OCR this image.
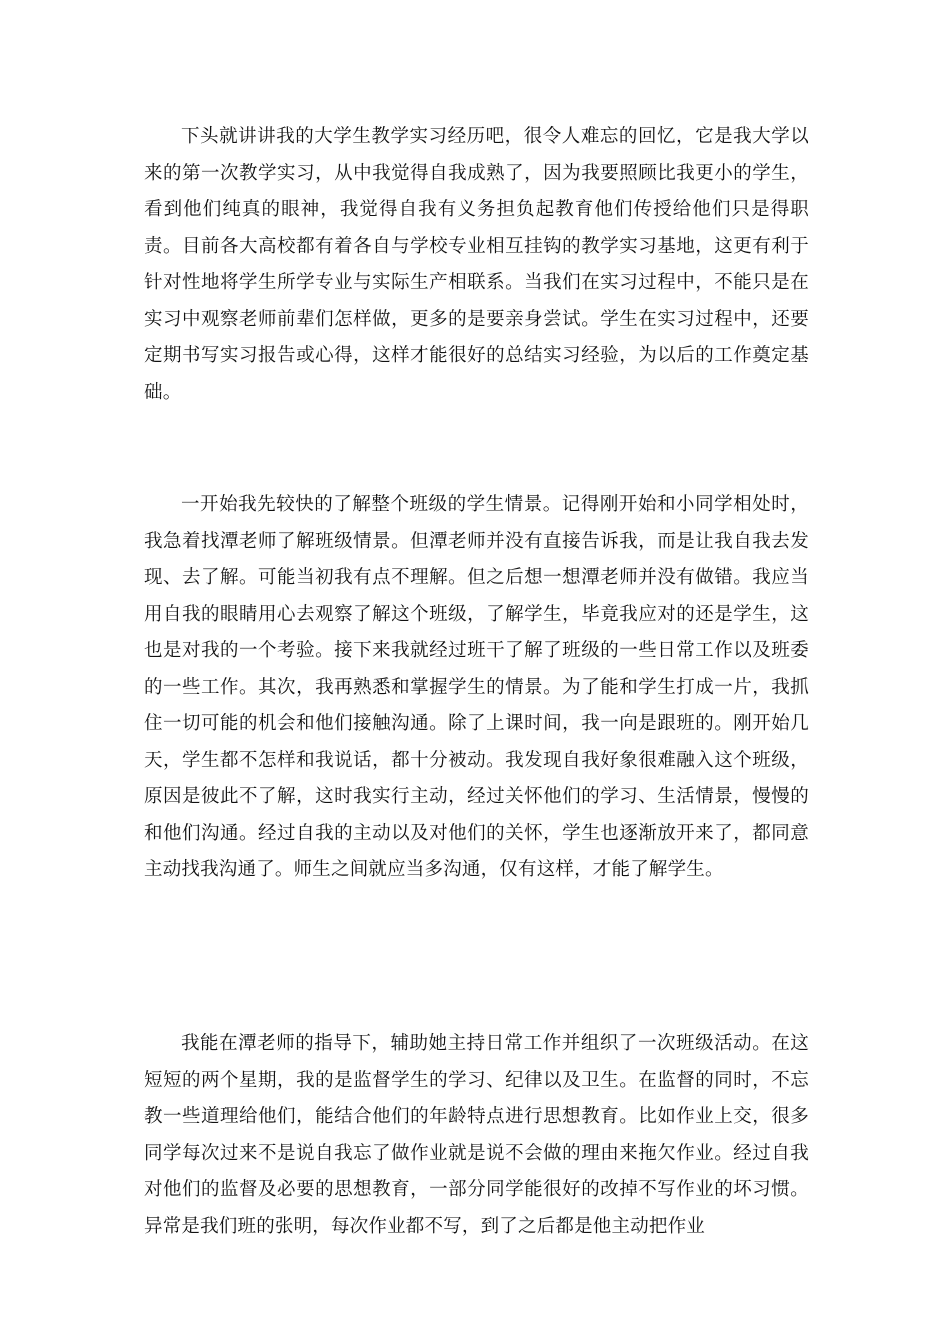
下头就讲讲我的大学生教学实习经历吧，很令人难忘的回忆，它是我大学以来的第一次教学实习，从中我觉得自我成熟了，因为我要照顾比我更小的学生，看到他们纯真的眼神，我觉得自我有义务担负起教育他们传授给他们只是得职责。目前各大高校都有着各自与学校专业相互挂钩的教学实习基地，这更有利于针对性地将学生所学专业与实际生产相联系。当我们在实习过程中，不能只是在实习中观察老师前辈们怎样做，更多的是要亲身尝试。学生在实习过程中，还要定期书写实习报告或心得，这样才能很好的总结实习经验，为以后的工作奠定基础。

一开始我先较快的了解整个班级的学生情景。记得刚开始和小同学相处时，我急着找潭老师了解班级情景。但潭老师并没有直接告诉我，而是让我自我去发现、去了解。可能当初我有点不理解。但之后想一想潭老师并没有做错。我应当用自我的眼睛用心去观察了解这个班级，了解学生，毕竟我应对的还是学生，这也是对我的一个考验。接下来我就经过班干了解了班级的一些日常工作以及班委的一些工作。其次，我再熟悉和掌握学生的情景。为了能和学生打成一片，我抓住一切可能的机会和他们接触沟通。除了上课时间，我一向是跟班的。刚开始几天，学生都不怎样和我说话，都十分被动。我发现自我好象很难融入这个班级，原因是彼此不了解，这时我实行主动，经过关怀他们的学习、生活情景，慢慢的和他们沟通。经过自我的主动以及对他们的关怀，学生也逐渐放开来了，都同意主动找我沟通了。师生之间就应当多沟通，仅有这样，才能了解学生。

我能在潭老师的指导下，辅助她主持日常工作并组织了一次班级活动。在这短短的两个星期，我的是监督学生的学习、纪律以及卫生。在监督的同时，不忘教一些道理给他们，能结合他们的年龄特点进行思想教育。比如作业上交，很多同学每次过来不是说自我忘了做作业就是说不会做的理由来拖欠作业。经过自我对他们的监督及必要的思想教育，一部分同学能很好的改掉不写作业的坏习惯。异常是我们班的张明，每次作业都不写，到了之后都是他主动把作业
